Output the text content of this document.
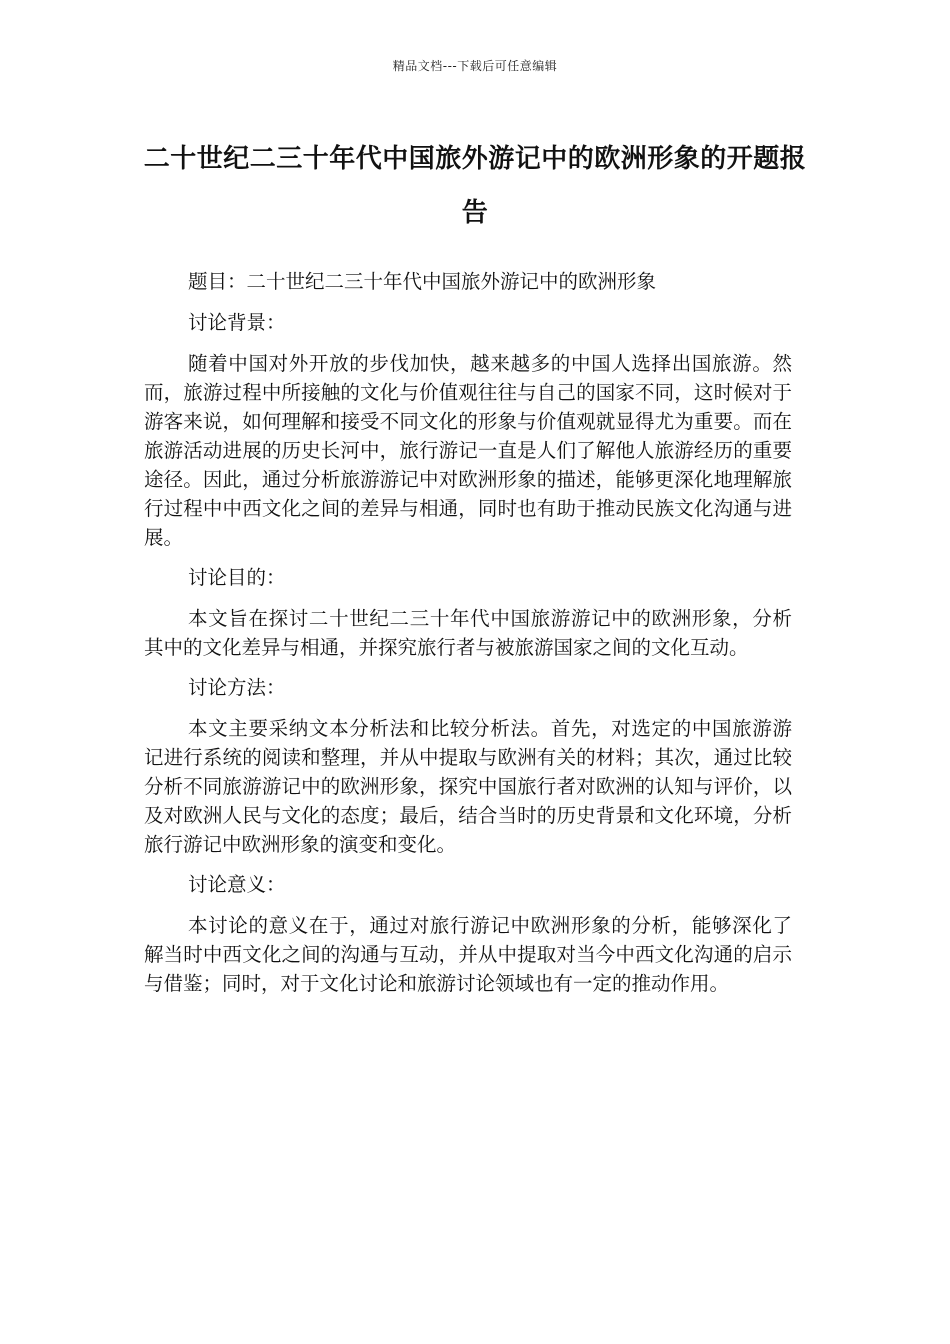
精品文档---下载后可任意编辑
二十世纪二三十年代中国旅外游记中的欧洲形象的开题报告

题目：二十世纪二三十年代中国旅外游记中的欧洲形象

讨论背景：

随着中国对外开放的步伐加快，越来越多的中国人选择出国旅游。然而，旅游过程中所接触的文化与价值观往往与自己的国家不同，这时候对于游客来说，如何理解和接受不同文化的形象与价值观就显得尤为重要。而在旅游活动进展的历史长河中，旅行游记一直是人们了解他人旅游经历的重要途径。因此，通过分析旅游游记中对欧洲形象的描述，能够更深化地理解旅行过程中中西文化之间的差异与相通，同时也有助于推动民族文化沟通与进展。

讨论目的：

本文旨在探讨二十世纪二三十年代中国旅游游记中的欧洲形象，分析其中的文化差异与相通，并探究旅行者与被旅游国家之间的文化互动。

讨论方法：

本文主要采纳文本分析法和比较分析法。首先，对选定的中国旅游游记进行系统的阅读和整理，并从中提取与欧洲有关的材料；其次，通过比较分析不同旅游游记中的欧洲形象，探究中国旅行者对欧洲的认知与评价，以及对欧洲人民与文化的态度；最后，结合当时的历史背景和文化环境，分析旅行游记中欧洲形象的演变和变化。

讨论意义：

本讨论的意义在于，通过对旅行游记中欧洲形象的分析，能够深化了解当时中西文化之间的沟通与互动，并从中提取对当今中西文化沟通的启示与借鉴；同时，对于文化讨论和旅游讨论领域也有一定的推动作用。
